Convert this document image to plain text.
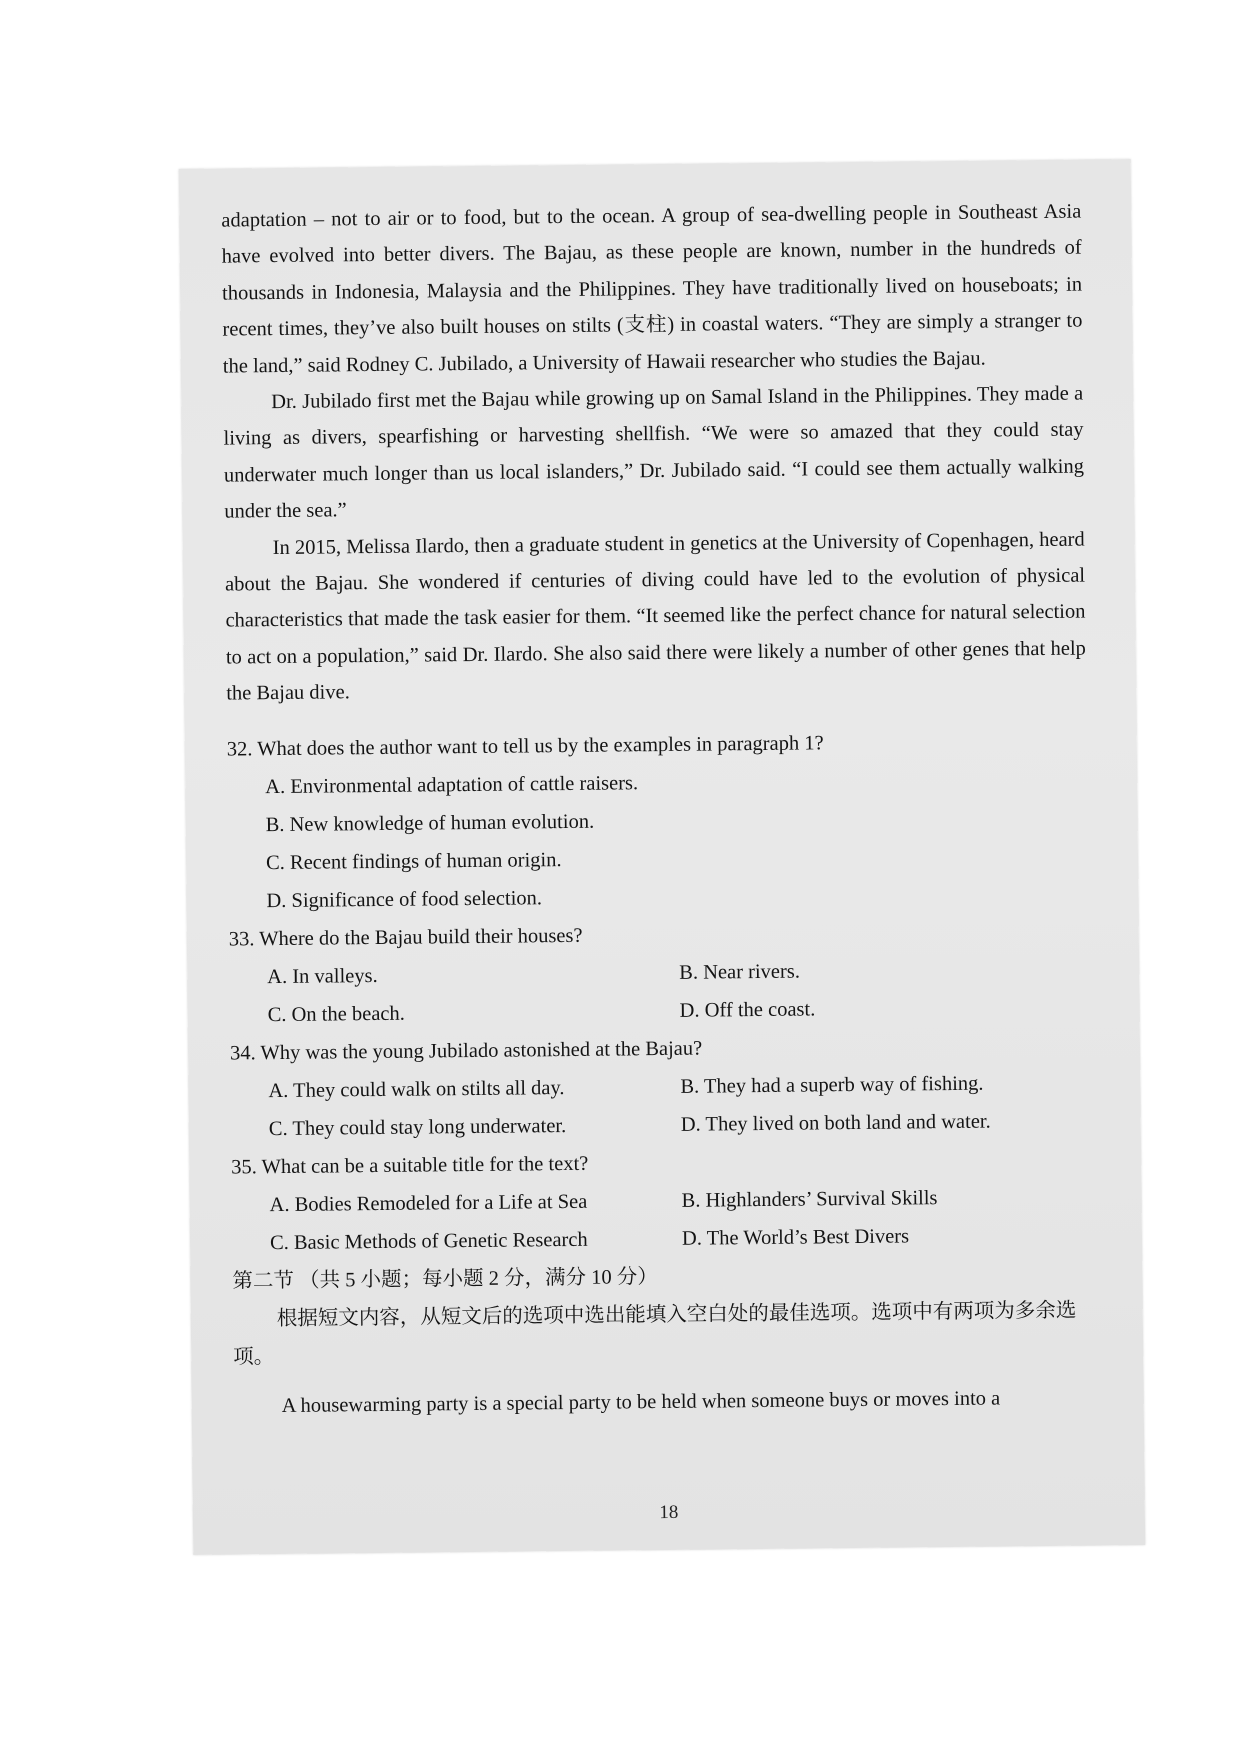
adaptation – not to air or to food, but to the ocean. A group of sea-dwelling people in Southeast Asia have evolved into better divers. The Bajau, as these people are known, number in the hundreds of thousands in Indonesia, Malaysia and the Philippines. They have traditionally lived on houseboats; in recent times, they’ve also built houses on stilts (支柱) in coastal waters. “They are simply a stranger to the land,” said Rodney C. Jubilado, a University of Hawaii researcher who studies the Bajau.

Dr. Jubilado first met the Bajau while growing up on Samal Island in the Philippines. They made a living as divers, spearfishing or harvesting shellfish. “We were so amazed that they could stay underwater much longer than us local islanders,” Dr. Jubilado said. “I could see them actually walking under the sea.”

In 2015, Melissa Ilardo, then a graduate student in genetics at the University of Copenhagen, heard about the Bajau. She wondered if centuries of diving could have led to the evolution of physical characteristics that made the task easier for them. “It seemed like the perfect chance for natural selection to act on a population,” said Dr. Ilardo. She also said there were likely a number of other genes that help the Bajau dive.

32. What does the author want to tell us by the examples in paragraph 1?

A. Environmental adaptation of cattle raisers.

B. New knowledge of human evolution.

C. Recent findings of human origin.

D. Significance of food selection.

33. Where do the Bajau build their houses?

A. In valleys.	B. Near rivers.
C. On the beach.	D. Off the coast.

34. Why was the young Jubilado astonished at the Bajau?

A. They could walk on stilts all day.	B. They had a superb way of fishing.
C. They could stay long underwater.	D. They lived on both land and water.

35. What can be a suitable title for the text?

A. Bodies Remodeled for a Life at Sea	B. Highlanders’ Survival Skills
C. Basic Methods of Genetic Research	D. The World’s Best Divers

第二节 （共 5 小题；每小题 2 分，满分 10 分）

根据短文内容，从短文后的选项中选出能填入空白处的最佳选项。选项中有两项为多余选项。

A housewarming party is a special party to be held when someone buys or moves into a

18
